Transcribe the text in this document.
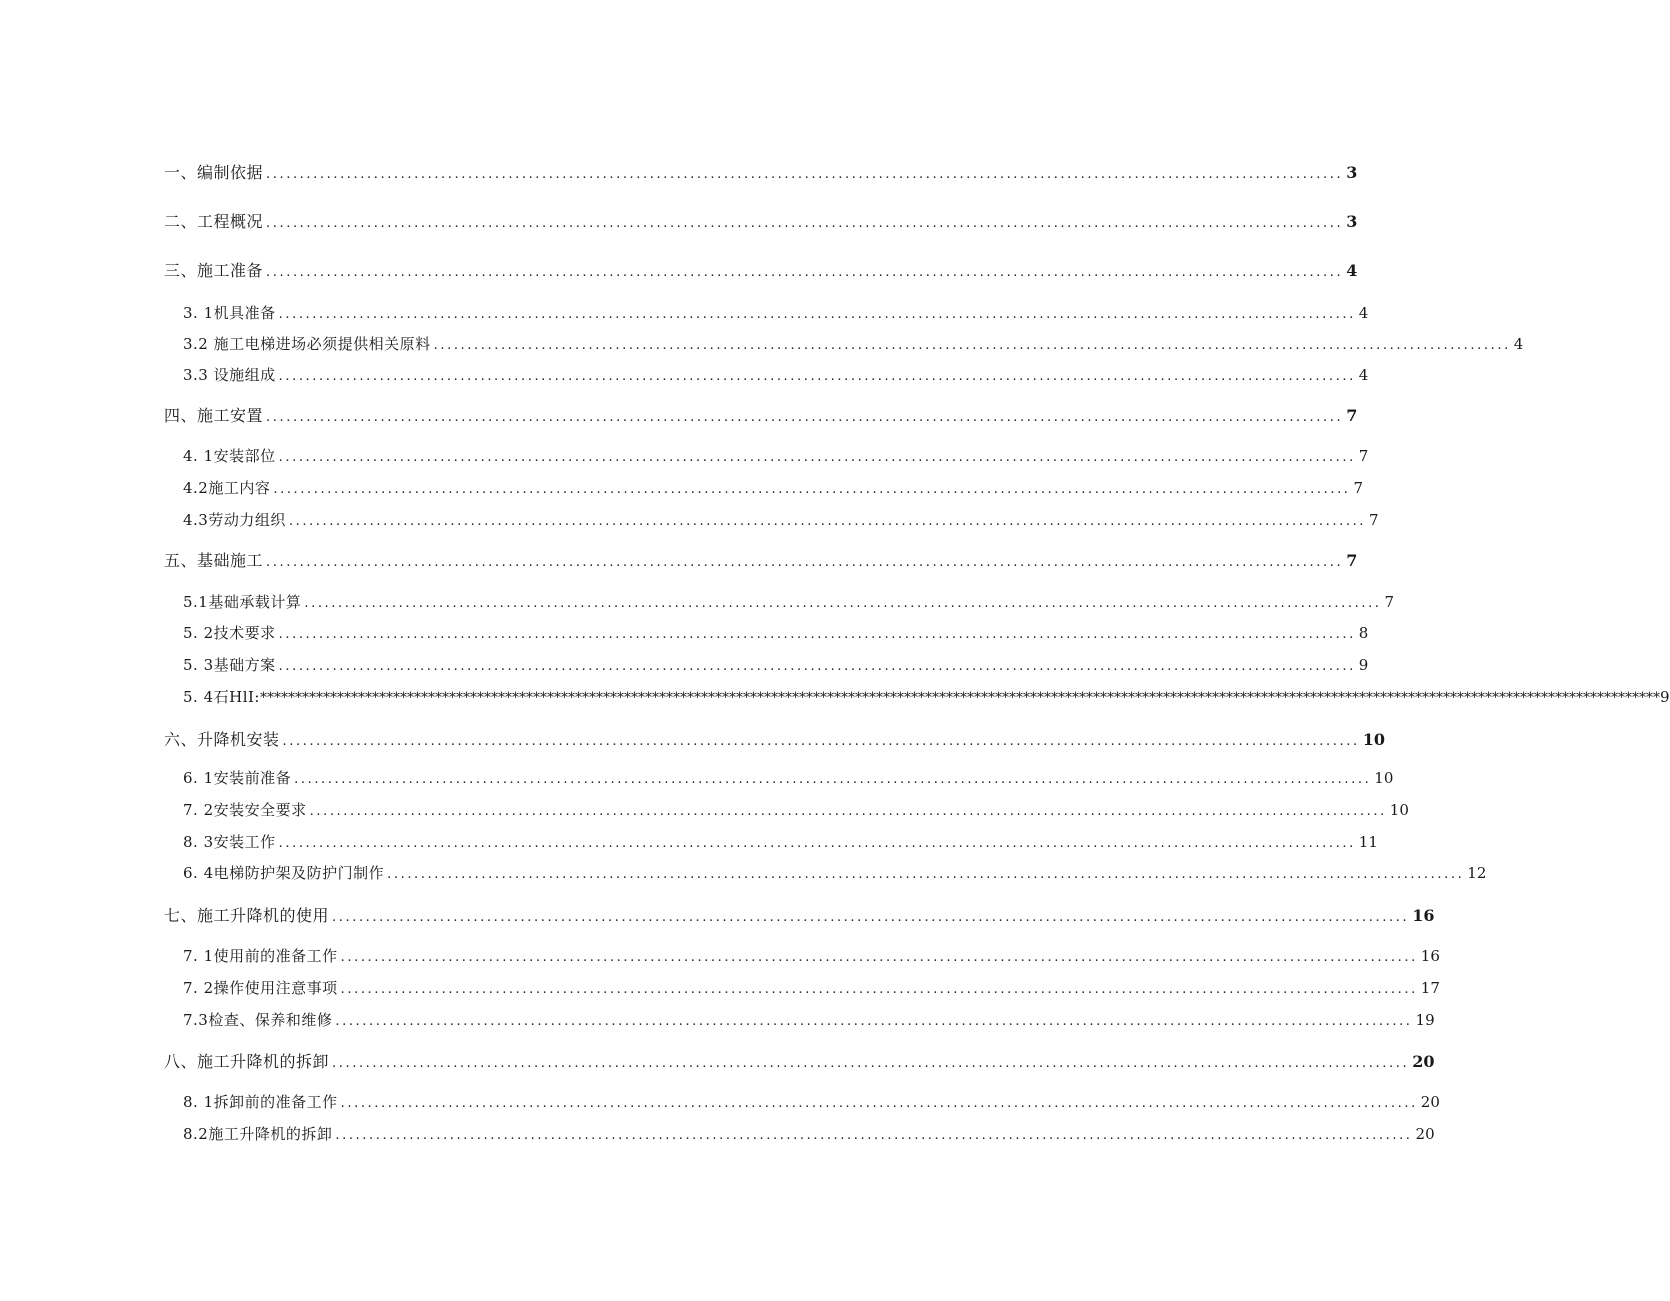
一、编制依据 ................................................................................................................................................................ 3
二、工程概况 ................................................................................................................................................................ 3
三、施工准备 ................................................................................................................................................................ 4
3. 1机具准备 ................................................................................................................................................................ 4
3.2 施工电梯进场必须提供相关原料 ................................................................................................................................................................ 4
3.3 设施组成 ................................................................................................................................................................ 4
四、施工安置 ................................................................................................................................................................ 7
4. 1安装部位 ................................................................................................................................................................ 7
4.2施工内容 ................................................................................................................................................................ 7
4.3劳动力组织 ................................................................................................................................................................ 7
五、基础施工 ................................................................................................................................................................ 7
5.1基础承载计算 ................................................................................................................................................................ 7
5. 2技术要求 ................................................................................................................................................................ 8
5. 3基础方案 ................................................................................................................................................................ 9
5. 4石HlI: ******************************************************************************************************************************************************************************************************** 9
六、升降机安装 ................................................................................................................................................................ 10
6. 1安装前准备 ................................................................................................................................................................ 10
7. 2安装安全要求 ................................................................................................................................................................ 10
8. 3安装工作 ................................................................................................................................................................ 11
6. 4电梯防护架及防护门制作 ................................................................................................................................................................ 12
七、施工升降机的使用 ................................................................................................................................................................ 16
7. 1使用前的准备工作 ................................................................................................................................................................ 16
7. 2操作使用注意事项 ................................................................................................................................................................ 17
7.3检查、保养和维修 ................................................................................................................................................................ 19
八、施工升降机的拆卸 ................................................................................................................................................................ 20
8. 1拆卸前的准备工作 ................................................................................................................................................................ 20
8.2施工升降机的拆卸 ................................................................................................................................................................ 20
